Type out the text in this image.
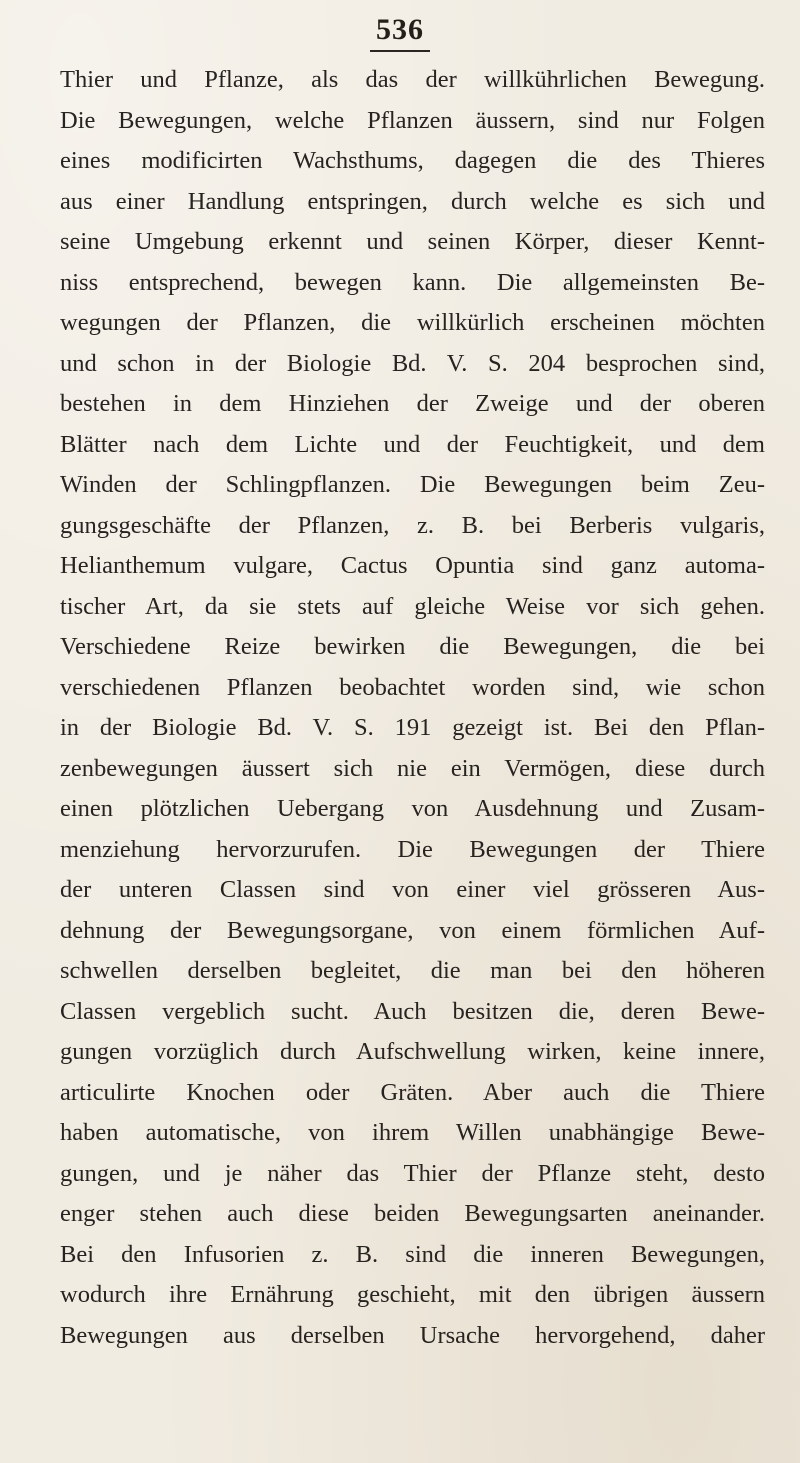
536
Thier und Pflanze, als das der willkührlichen Bewegung.
Die Bewegungen, welche Pflanzen äussern, sind nur Folgen
eines modificirten Wachsthums, dagegen die des Thieres
aus einer Handlung entspringen, durch welche es sich und
seine Umgebung erkennt und seinen Körper, dieser Kennt-
niss entsprechend, bewegen kann. Die allgemeinsten Be-
wegungen der Pflanzen, die willkürlich erscheinen möchten
und schon in der Biologie Bd. V. S. 204 besprochen sind,
bestehen in dem Hinziehen der Zweige und der oberen
Blätter nach dem Lichte und der Feuchtigkeit, und dem
Winden der Schlingpflanzen. Die Bewegungen beim Zeu-
gungsgeschäfte der Pflanzen, z. B. bei Berberis vulgaris,
Helianthemum vulgare, Cactus Opuntia sind ganz automa-
tischer Art, da sie stets auf gleiche Weise vor sich gehen.
Verschiedene Reize bewirken die Bewegungen, die bei
verschiedenen Pflanzen beobachtet worden sind, wie schon
in der Biologie Bd. V. S. 191 gezeigt ist. Bei den Pflan-
zenbewegungen äussert sich nie ein Vermögen, diese durch
einen plötzlichen Uebergang von Ausdehnung und Zusam-
menziehung hervorzurufen. Die Bewegungen der Thiere
der unteren Classen sind von einer viel grösseren Aus-
dehnung der Bewegungsorgane, von einem förmlichen Auf-
schwellen derselben begleitet, die man bei den höheren
Classen vergeblich sucht. Auch besitzen die, deren Bewe-
gungen vorzüglich durch Aufschwellung wirken, keine innere,
articulirte Knochen oder Gräten. Aber auch die Thiere
haben automatische, von ihrem Willen unabhängige Bewe-
gungen, und je näher das Thier der Pflanze steht, desto
enger stehen auch diese beiden Bewegungsarten aneinander.
Bei den Infusorien z. B. sind die inneren Bewegungen,
wodurch ihre Ernährung geschieht, mit den übrigen äussern
Bewegungen aus derselben Ursache hervorgehend, daher
